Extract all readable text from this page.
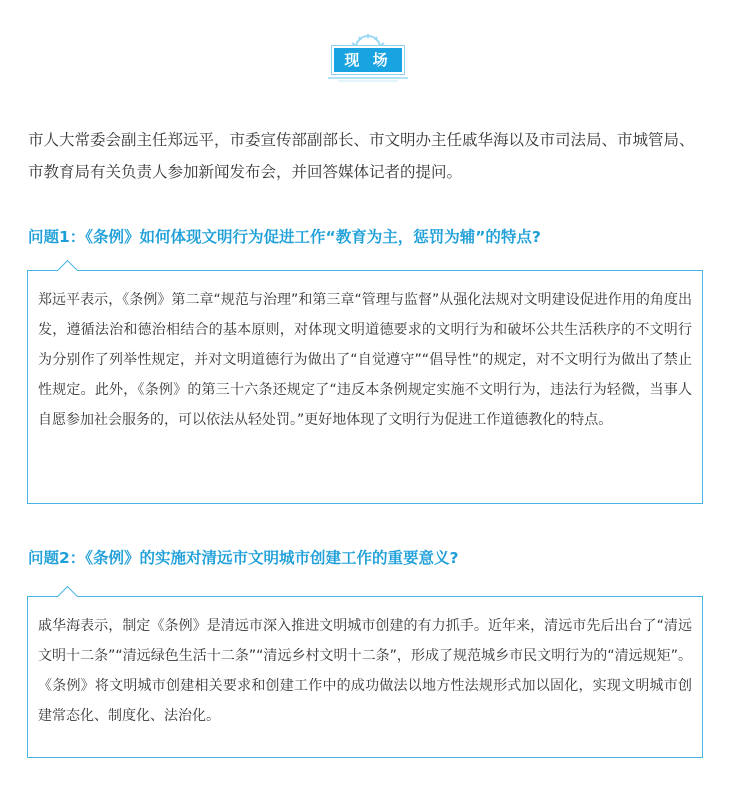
现 场

市人大常委会副主任郑远平，市委宣传部副部长、市文明办主任戚华海以及市司法局、市城管局、市教育局有关负责人参加新闻发布会，并回答媒体记者的提问。

问题1：《条例》如何体现文明行为促进工作“教育为主，惩罚为辅”的特点?

郑远平表示，《条例》第二章“规范与治理”和第三章“管理与监督”从强化法规对文明建设促进作用的角度出发，遵循法治和德治相结合的基本原则，对体现文明道德要求的文明行为和破坏公共生活秩序的不文明行为分别作了列举性规定，并对文明道德行为做出了“自觉遵守”“倡导性”的规定，对不文明行为做出了禁止性规定。此外，《条例》的第三十六条还规定了“违反本条例规定实施不文明行为，违法行为轻微，当事人自愿参加社会服务的，可以依法从轻处罚。”更好地体现了文明行为促进工作道德教化的特点。

问题2：《条例》的实施对清远市文明城市创建工作的重要意义?

戚华海表示，制定《条例》是清远市深入推进文明城市创建的有力抓手。近年来，清远市先后出台了“清远文明十二条”“清远绿色生活十二条”“清远乡村文明十二条”，形成了规范城乡市民文明行为的“清远规矩”。《条例》将文明城市创建相关要求和创建工作中的成功做法以地方性法规形式加以固化，实现文明城市创建常态化、制度化、法治化。
